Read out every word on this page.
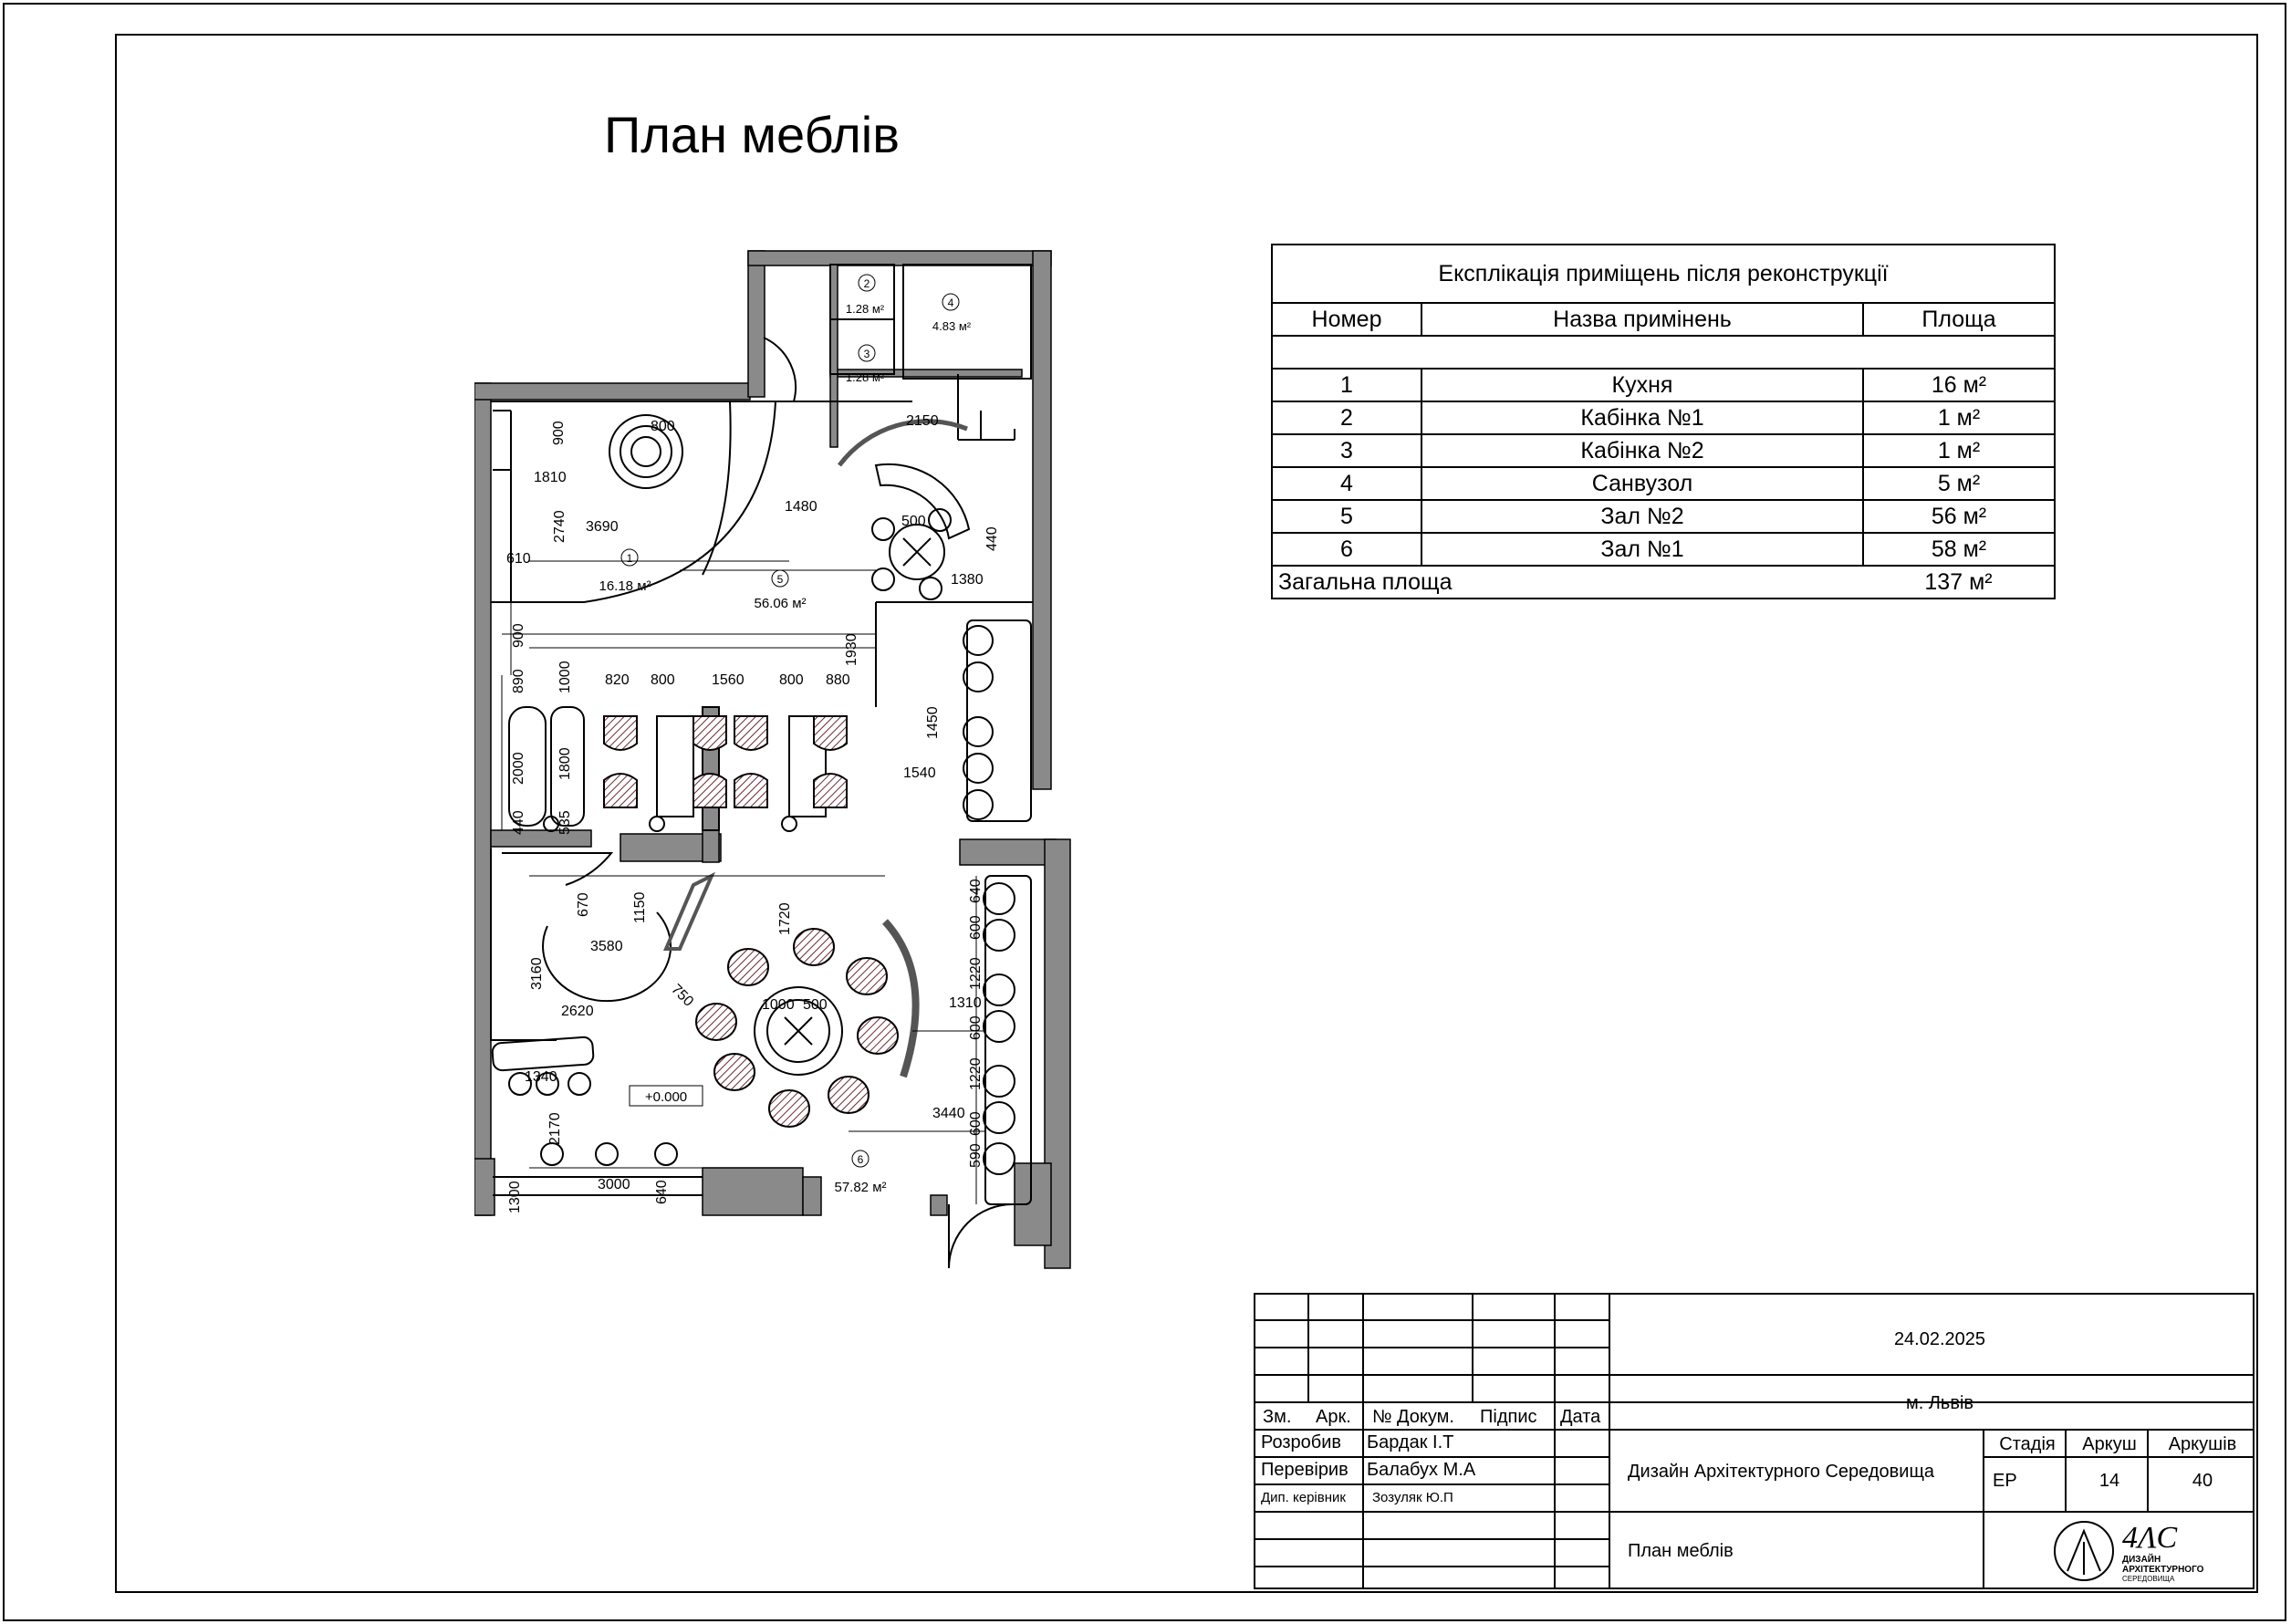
План меблів
Експлікація приміщень після реконструкції		
Номер	Назва примінень	Площа

1	Кухня	16 м²
2	Кабінка №1	1 м²
3	Кабінка №2	1 м²
4	Санвузол	5 м²
5	Зал №2	56 м²
6	Зал №1	58 м²
Загальна площа		137 м²
1
16.18 м²
2
1.28 м²
3
1.28 м²
4
4.83 м²
5
56.06 м²
6
57.82 м²
+0.000
800	2150
1810
3690
610
1480
500
1380
820 800	1560 800 880
1540
3580
2620	1000 500	1310
1340
3440
3000
900
2740	440
900	1930
890 1000
1450
2000 1800
440 535
670	1150	1720
640
600
750
3160	1220
600
1220
2170	600
590
640
1300
24.02.2025
м. Львів
Зм. Арк. № Докум. Підпис Дата
Розробив Бардак І.Т
Перевірив Балабух М.А
Дип. керівник Зозуляк Ю.П
Дизайн Архітектурного Середовища
Стадія	Аркуш	Аркушів
ЕР	14	40
План меблів	4ΛC
ДИЗАЙН
АРХІТЕКТУРНОГО
СЕРЕДОВИЩА
